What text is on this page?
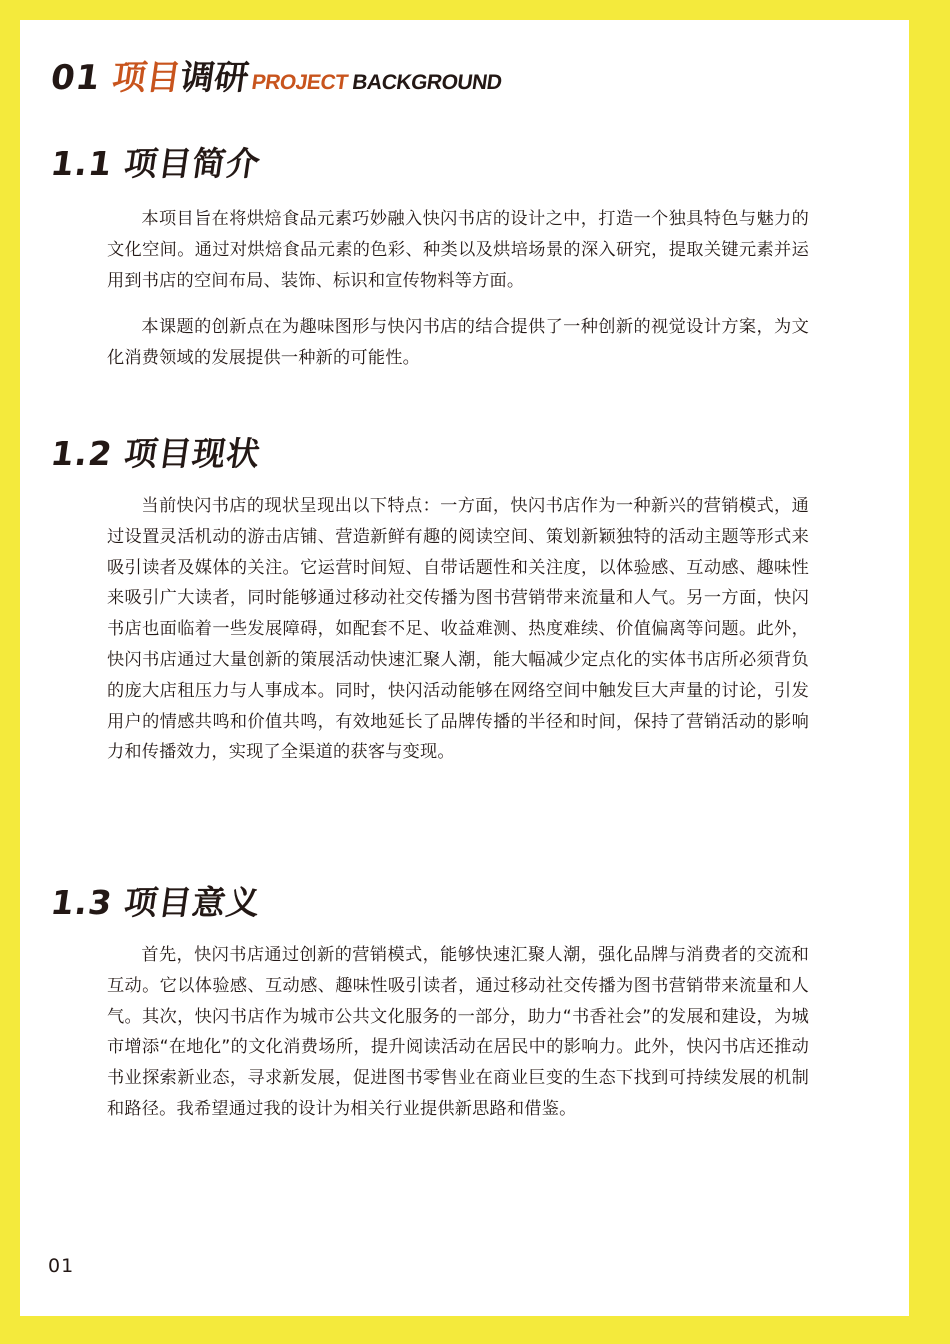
01 项目调研PROJECTBACKGROUND
1.1 项目简介

本项目旨在将烘焙食品元素巧妙融入快闪书店的设计之中，打造一个独具特色与魅力的文化空间。通过对烘焙食品元素的色彩、种类以及烘培场景的深入研究，提取关键元素并运用到书店的空间布局、装饰、标识和宣传物料等方面。

本课题的创新点在为趣味图形与快闪书店的结合提供了一种创新的视觉设计方案，为文化消费领域的发展提供一种新的可能性。

1.2 项目现状

当前快闪书店的现状呈现出以下特点：一方面，快闪书店作为一种新兴的营销模式，通过设置灵活机动的游击店铺、营造新鲜有趣的阅读空间、策划新颖独特的活动主题等形式来吸引读者及媒体的关注。它运营时间短、自带话题性和关注度，以体验感、互动感、趣味性来吸引广大读者，同时能够通过移动社交传播为图书营销带来流量和人气。另一方面，快闪书店也面临着一些发展障碍，如配套不足、收益难测、热度难续、价值偏离等问题。此外，快闪书店通过大量创新的策展活动快速汇聚人潮，能大幅减少定点化的实体书店所必须背负的庞大店租压力与人事成本。同时，快闪活动能够在网络空间中触发巨大声量的讨论，引发用户的情感共鸣和价值共鸣，有效地延长了品牌传播的半径和时间，保持了营销活动的影响力和传播效力，实现了全渠道的获客与变现。

1.3 项目意义

首先，快闪书店通过创新的营销模式，能够快速汇聚人潮，强化品牌与消费者的交流和互动。它以体验感、互动感、趣味性吸引读者，通过移动社交传播为图书营销带来流量和人气。其次，快闪书店作为城市公共文化服务的一部分，助力“书香社会”的发展和建设，为城市增添“在地化”的文化消费场所，提升阅读活动在居民中的影响力。此外，快闪书店还推动书业探索新业态，寻求新发展，促进图书零售业在商业巨变的生态下找到可持续发展的机制和路径。我希望通过我的设计为相关行业提供新思路和借鉴。

01
